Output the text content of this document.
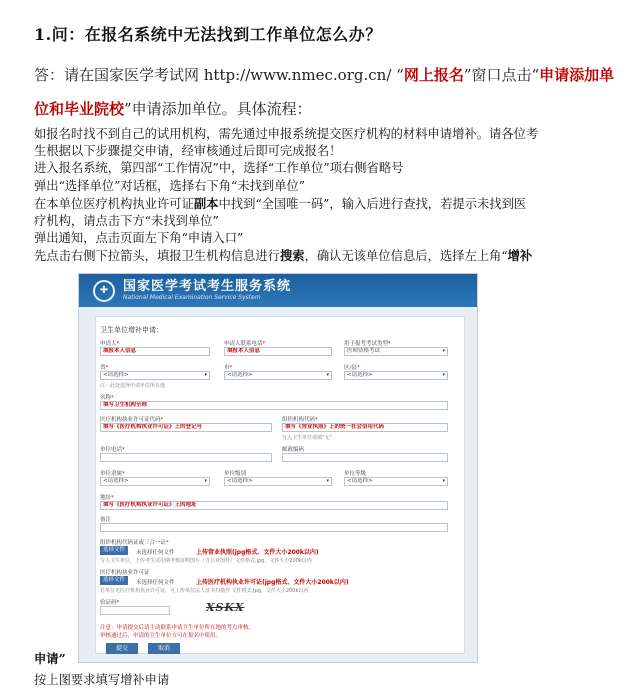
1.问：在报名系统中无法找到工作单位怎么办？
答：请在国家医学考试网 http://www.nmec.org.cn/ “网上报名”窗口点击“申请添加单位和毕业院校”申请添加单位。具体流程：

如报名时找不到自己的试用机构，需先通过申报系统提交医疗机构的材料申请增补。请各位考

生根据以下步骤提交申请，经审核通过后即可完成报名！

进入报名系统，第四部“工作情况”中，选择“工作单位”项右侧省略号

弹出“选择单位”对话框，选择右下角“未找到单位”

在本单位医疗机构执业许可证副本中找到“全国唯一码”，输入后进行查找，若提示未找到医

疗机构，请点击下方“未找到单位”

弹出通知，点击页面左下角“申请入口”

先点击右侧下拉箭头，填报卫生机构信息进行搜索，确认无该单位信息后，选择左上角“增补

✚	国家医学考试考生服务系统
National Medical Examination Service System
卫生单位增补申请：
申请人*
填报本人信息
申请人联系电话*
填报本人信息
用于报考考试类型*
医师资格考试 ▾
省*
<请选择> ▾
市*
<请选择> ▾
区/县*
<请选择> ▾
注：此处选择申请单位所在地
名称*
填写卫生机构全称
医疗机构执业许可证代码*
填写《医疗机构执业许可证》上的登记号
组织机构代码*
填写《营业执照》上的统一社会信用代码
写入卫生单位请填“无”
单位电话*	邮政编码
单位隶属*
<请选择> ▾
单位级别
<请选择> ▾
单位等级
<请选择> ▾
地址*
填写《医疗机构执业许可证》上的地址
备注
组织机构代码证或三合一证*
选择文件	未选择任何文件	上传营业执照(jpg格式、文件大小200k以内)
写入卫生单位，上传考生试用期考核证明图片（含公章图样）文件格式.jpg，文件大小200k以内
医疗机构执业许可证
选择文件	未选择任何文件	上传医疗机构执业许可证(jpg格式、文件大小200k以内)
若单位无医疗机构执业许可证，可上传单位法人证书扫描件 文件格式.jpg，文件大小200k以内
验证码*	XSKX
注意：申请提交后请主动联系申请卫生单位所在地的考点审核。
审核通过后，申请的卫生单位方可在报名中使用。
提交	取消
申请”
按上图要求填写增补申请
